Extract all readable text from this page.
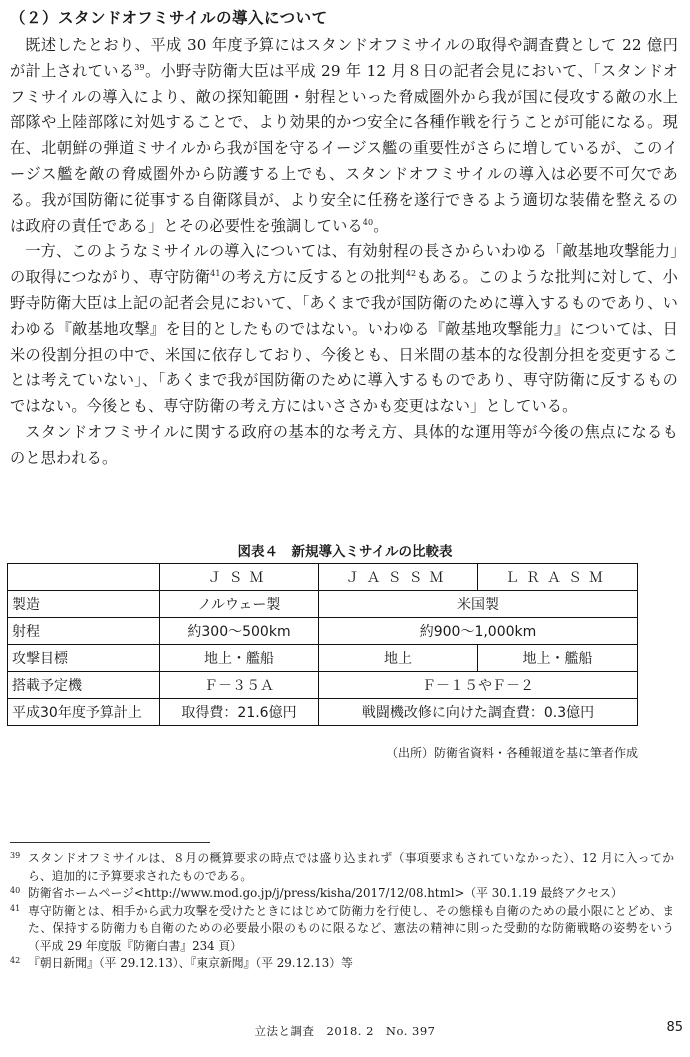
（２）スタンドオフミサイルの導入について

既述したとおり、平成 30 年度予算にはスタンドオフミサイルの取得や調査費として 22 億円が計上されている$^{39}$。小野寺防衛大臣は平成 29 年 12 月８日の記者会見において、「スタンドオフミサイルの導入により、敵の探知範囲・射程といった脅威圏外から我が国に侵攻する敵の水上部隊や上陸部隊に対処することで、より効果的かつ安全に各種作戦を行うことが可能になる。現在、北朝鮮の弾道ミサイルから我が国を守るイージス艦の重要性がさらに増しているが、このイージス艦を敵の脅威圏外から防護する上でも、スタンドオフミサイルの導入は必要不可欠である。我が国防衛に従事する自衛隊員が、より安全に任務を遂行できるよう適切な装備を整えるのは政府の責任である」とその必要性を強調している$^{40}$。

一方、このようなミサイルの導入については、有効射程の長さからいわゆる「敵基地攻撃能力」の取得につながり、専守防衛$^{41}$の考え方に反するとの批判$^{42}$もある。このような批判に対して、小野寺防衛大臣は上記の記者会見において、「あくまで我が国防衛のために導入するものであり、いわゆる『敵基地攻撃』を目的としたものではない。いわゆる『敵基地攻撃能力』については、日米の役割分担の中で、米国に依存しており、今後とも、日米間の基本的な役割分担を変更することは考えていない」、「あくまで我が国防衛のために導入するものであり、専守防衛に反するものではない。今後とも、専守防衛の考え方にはいささかも変更はない」としている。

スタンドオフミサイルに関する政府の基本的な考え方、具体的な運用等が今後の焦点になるものと思われる。

図表４　新規導入ミサイルの比較表
	ＪＳＭ	ＪＡＳＳＭ	ＬＲＡＳＭ
製造	ノルウェー製	米国製	
射程	約300〜500km	約900〜1,000km	
攻撃目標	地上・艦船	地上	地上・艦船
搭載予定機	Ｆ－３５Ａ	Ｆ－１５やＦ－２	
平成30年度予算計上	取得費：21.6億円	戦闘機改修に向けた調査費：0.3億円	
（出所）防衛省資料・各種報道を基に筆者作成

39 スタンドオフミサイルは、８月の概算要求の時点では盛り込まれず（事項要求もされていなかった）、12 月に入ってから、追加的に予算要求されたものである。

40 防衛省ホームページ<http://www.mod.go.jp/j/press/kisha/2017/12/08.html>（平 30.1.19 最終アクセス）

41 専守防衛とは、相手から武力攻撃を受けたときにはじめて防衛力を行使し、その態様も自衛のための最小限にとどめ、また、保持する防衛力も自衛のための必要最小限のものに限るなど、憲法の精神に則った受動的な防衛戦略の姿勢をいう（平成 29 年度版『防衛白書』234 頁）

42 『朝日新聞』（平 29.12.13）、『東京新聞』（平 29.12.13）等

立法と調査　2018. 2　No. 397	85
